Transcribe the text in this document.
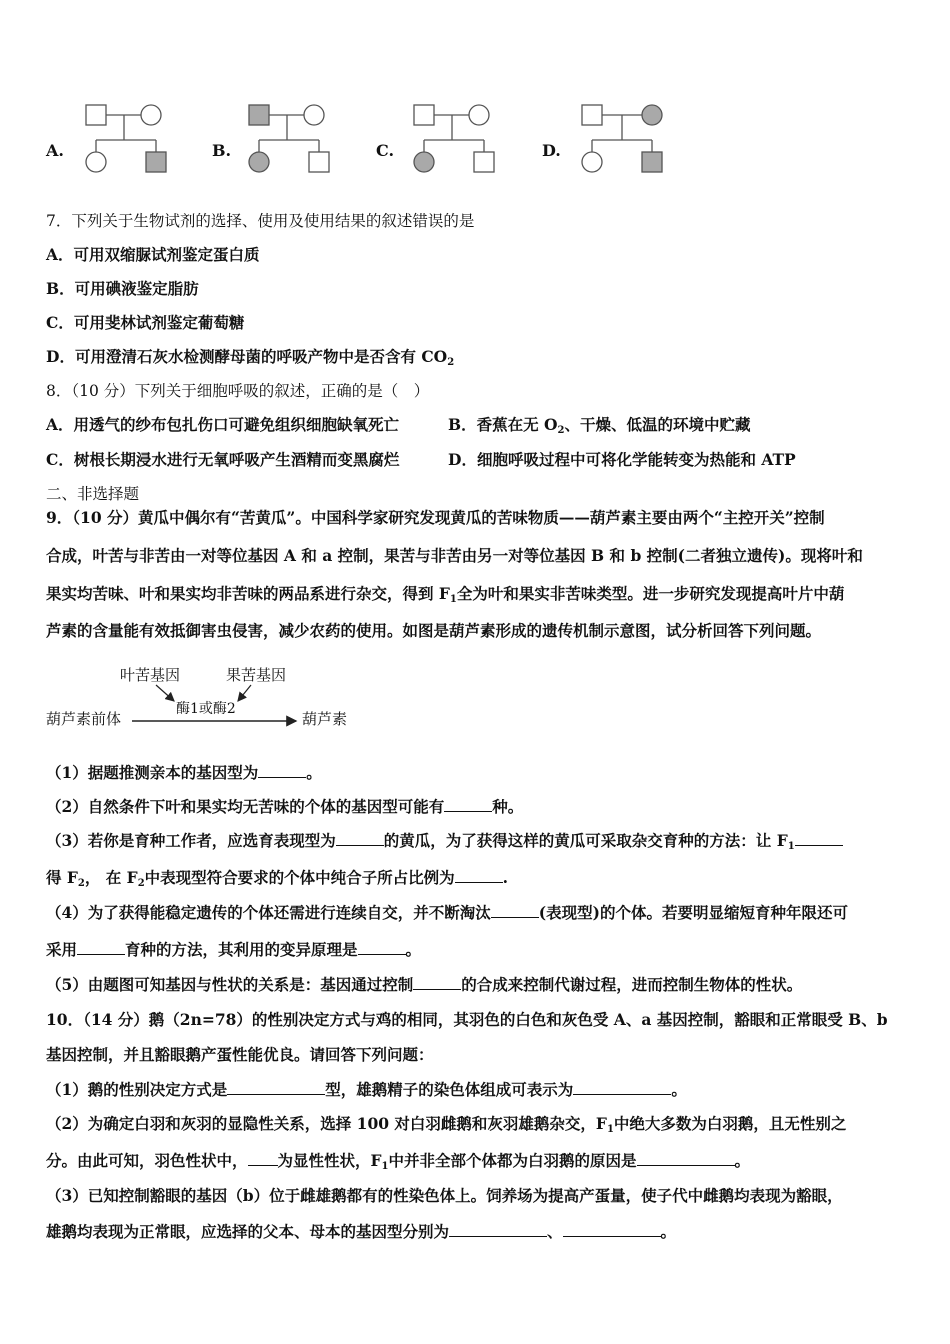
A.	B.	C.	D.
7．下列关于生物试剂的选择、使用及使用结果的叙述错误的是
A．可用双缩脲试剂鉴定蛋白质
B．可用碘液鉴定脂肪
C．可用斐林试剂鉴定葡萄糖
D．可用澄清石灰水检测酵母菌的呼吸产物中是否含有 $CO_2$
8．（10 分）下列关于细胞呼吸的叙述，正确的是（　）
A．用透气的纱布包扎伤口可避免组织细胞缺氧死亡	B．香蕉在无 $O_2$、干燥、低温的环境中贮藏
C．树根长期浸水进行无氧呼吸产生酒精而变黑腐烂	D．细胞呼吸过程中可将化学能转变为热能和 ATP
二、非选择题
9．（10 分）黄瓜中偶尔有“苦黄瓜”。中国科学家研究发现黄瓜的苦味物质——葫芦素主要由两个“主控开关”控制
合成，叶苦与非苦由一对等位基因 A 和 a 控制，果苦与非苦由另一对等位基因 B 和 b 控制(二者独立遗传)。现将叶和
果实均苦味、叶和果实均非苦味的两品系进行杂交，得到 $F_1$全为叶和果实非苦味类型。进一步研究发现提高叶片中葫
芦素的含量能有效抵御害虫侵害，减少农药的使用。如图是葫芦素形成的遗传机制示意图，试分析回答下列问题。
叶苦基因	果苦基因
酶1或酶2
葫芦素前体	葫芦素
（1）据题推测亲本的基因型为	。
（2）自然条件下叶和果实均无苦味的个体的基因型可能有	种。
（3）若你是育种工作者，应选育表现型为	的黄瓜，为了获得这样的黄瓜可采取杂交育种的方法：让 $F_1$
得 $F_2$， 在 $F_2$中表现型符合要求的个体中纯合子所占比例为	.
（4）为了获得能稳定遗传的个体还需进行连续自交，并不断淘汰	(表现型)的个体。若要明显缩短育种年限还可
采用	育种的方法，其利用的变异原理是	。
（5）由题图可知基因与性状的关系是：基因通过控制	的合成来控制代谢过程，进而控制生物体的性状。
10．（14 分）鹅（2n=78）的性别决定方式与鸡的相同，其羽色的白色和灰色受 A、a 基因控制，豁眼和正常眼受 B、b
基因控制，并且豁眼鹅产蛋性能优良。请回答下列问题：
（1）鹅的性别决定方式是	型，雄鹅精子的染色体组成可表示为	。
（2）为确定白羽和灰羽的显隐性关系，选择 100 对白羽雌鹅和灰羽雄鹅杂交，$F_1$中绝大多数为白羽鹅，且无性别之
分。由此可知，羽色性状中， 为显性性状，$F_1$中并非全部个体都为白羽鹅的原因是	。
（3）已知控制豁眼的基因（b）位于雌雄鹅都有的性染色体上。饲养场为提高产蛋量，使子代中雌鹅均表现为豁眼，
雄鹅均表现为正常眼，应选择的父本、母本的基因型分别为	、	。
